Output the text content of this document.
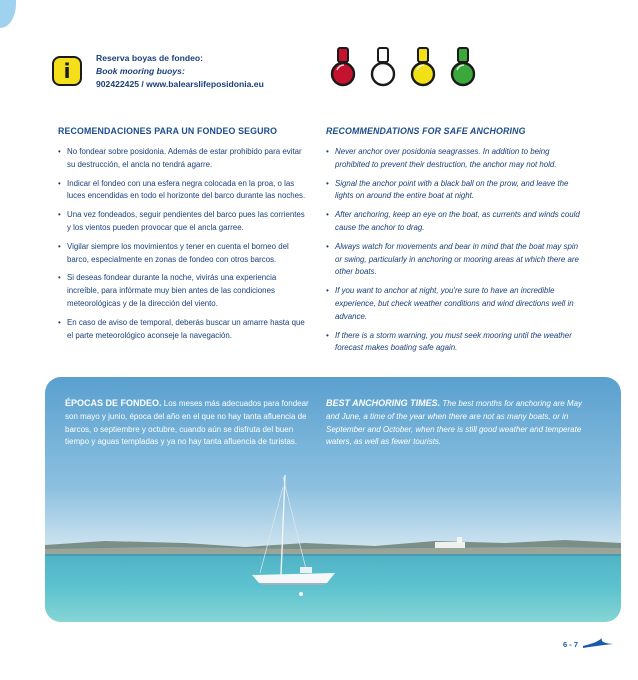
i
Reserva boyas de fondeo:
Book mooring buoys:
902422425 / www.balearslifeposidonia.eu
RECOMENDACIONES PARA UN FONDEO SEGURO
• No fondear sobre posidonia. Además de estar prohibido para evitar su destrucción, el ancla no tendrá agarre.
• Indicar el fondeo con una esfera negra colocada en la proa, o las luces encendidas en todo el horizonte del barco durante las noches.
• Una vez fondeados, seguir pendientes del barco pues las corrientes y los vientos pueden provocar que el ancla garree.
• Vigilar siempre los movimientos y tener en cuenta el borneo del barco, especialmente en zonas de fondeo con otros barcos.
• Si deseas fondear durante la noche, vivirás una experiencia increíble, para infórmate muy bien antes de las condiciones meteorológicas y de la dirección del viento.
• En caso de aviso de temporal, deberás buscar un amarre hasta que el parte meteorológico aconseje la navegación.
RECOMMENDATIONS FOR SAFE ANCHORING
• Never anchor over posidonia seagrasses. In addition to being prohibited to prevent their destruction, the anchor may not hold.
• Signal the anchor point with a black ball on the prow, and leave the lights on around the entire boat at night.
• After anchoring, keep an eye on the boat, as currents and winds could cause the anchor to drag.
• Always watch for movements and bear in mind that the boat may spin or swing, particularly in anchoring or mooring areas at which there are other boats.
• If you want to anchor at night, you're sure to have an incredible experience, but check weather conditions and wind directions well in advance.
• If there is a storm warning, you must seek mooring until the weather forecast makes boating safe again.
ÉPOCAS DE FONDEO. Los meses más adecuados para fondear son mayo y junio, época del año en el que no hay tanta afluencia de barcos, o septiembre y octubre, cuando aún se disfruta del buen tiempo y aguas templadas y ya no hay tanta afluencia de turistas.
BEST ANCHORING TIMES. The best months for anchoring are May and June, a time of the year when there are not as many boats, or in September and October, when there is still good weather and temperate waters, as well as fewer tourists.
6 - 7
